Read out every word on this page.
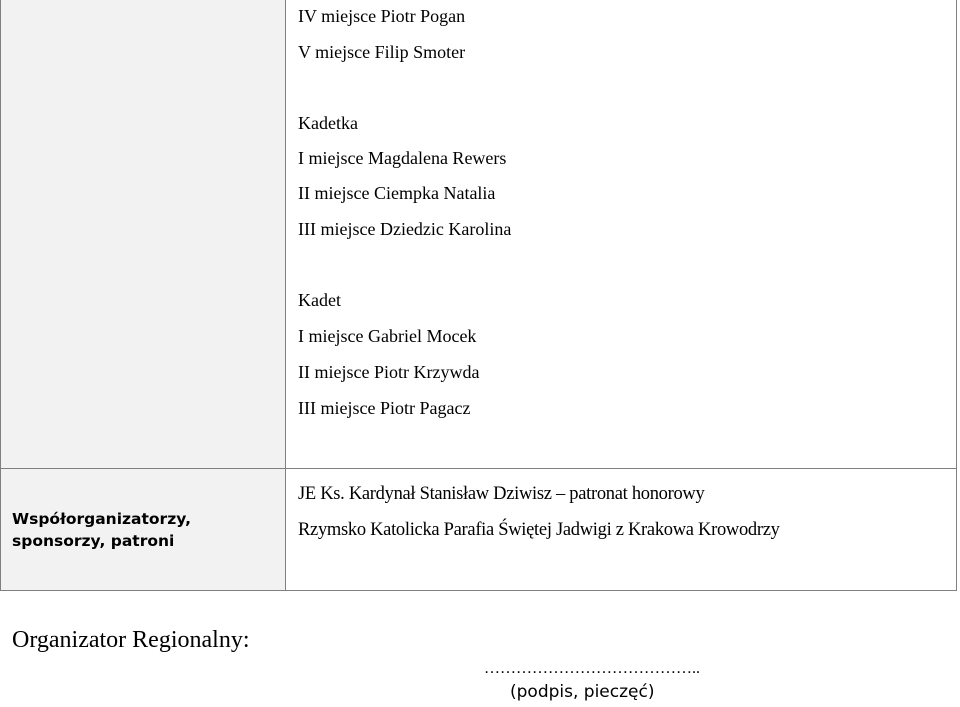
IV miejsce Piotr Pogan
V miejsce Filip Smoter
Kadetka
I miejsce Magdalena Rewers
II miejsce Ciempka Natalia
III miejsce Dziedzic Karolina
Kadet
I miejsce Gabriel Mocek
II miejsce Piotr Krzywda
III miejsce Piotr Pagacz
Współorganizatorzy, sponsorzy, patroni
JE Ks. Kardynał Stanisław Dziwisz – patronat honorowy
Rzymsko Katolicka Parafia Świętej Jadwigi z Krakowa Krowodrzy
Organizator Regionalny:
…………………………………..
(podpis, pieczęć)
